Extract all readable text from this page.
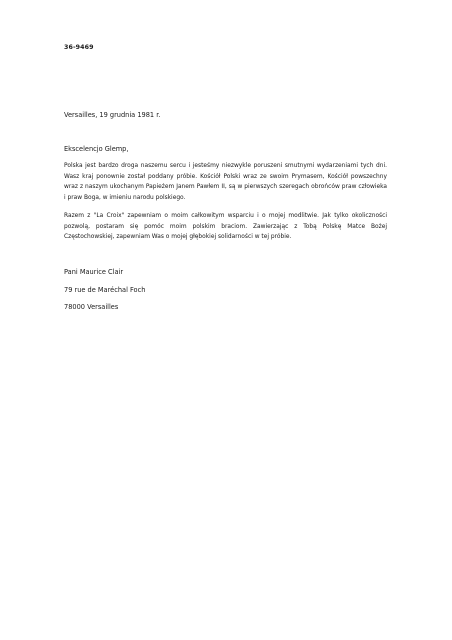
36-9469
Versailles, 19 grudnia 1981 r.
Ekscelencjo Glemp,

Polska jest bardzo droga naszemu sercu i jesteśmy niezwykle poruszeni smutnymi wydarzeniami tych dni. Wasz kraj ponownie został poddany próbie. Kościół Polski wraz ze swoim Prymasem, Kościół powszechny wraz z naszym ukochanym Papieżem Janem Pawłem II, są w pierwszych szeregach obrońców praw człowieka i praw Boga, w imieniu narodu polskiego.

Razem z "La Croix" zapewniam o moim całkowitym wsparciu i o mojej modlitwie. Jak tylko okoliczności pozwolą, postaram się pomóc moim polskim braciom. Zawierzając z Tobą Polskę Matce Bożej Częstochowskiej, zapewniam Was o mojej głębokiej solidarności w tej próbie.

Pani Maurice Clair
79 rue de Maréchal Foch
78000 Versailles
